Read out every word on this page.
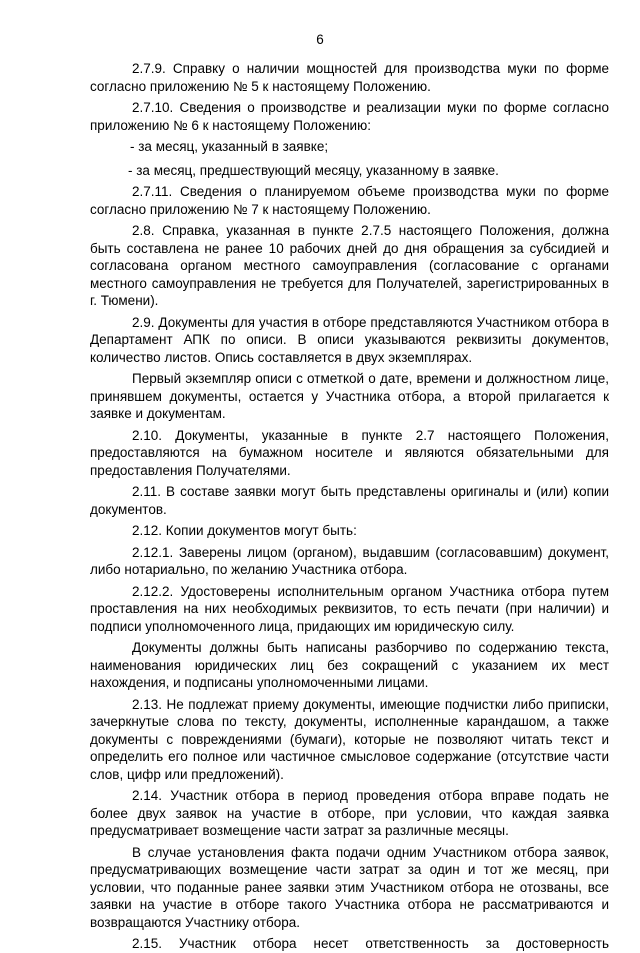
6

2.7.9. Справку о наличии мощностей для производства муки по форме согласно приложению № 5 к настоящему Положению.

2.7.10. Сведения о производстве и реализации муки по форме согласно приложению № 6 к настоящему Положению:

- за месяц, указанный в заявке;

- за месяц, предшествующий месяцу, указанному в заявке.

2.7.11. Сведения о планируемом объеме производства муки по форме согласно приложению № 7 к настоящему Положению.

2.8. Справка, указанная в пункте 2.7.5 настоящего Положения, должна быть составлена не ранее 10 рабочих дней до дня обращения за субсидией и согласована органом местного самоуправления (согласование с органами местного самоуправления не требуется для Получателей, зарегистрированных в г. Тюмени).

2.9. Документы для участия в отборе представляются Участником отбора в Департамент АПК по описи. В описи указываются реквизиты документов, количество листов. Опись составляется в двух экземплярах.

Первый экземпляр описи с отметкой о дате, времени и должностном лице, принявшем документы, остается у Участника отбора, а второй прилагается к заявке и документам.

2.10. Документы, указанные в пункте 2.7 настоящего Положения, предоставляются на бумажном носителе и являются обязательными для предоставления Получателями.

2.11. В составе заявки могут быть представлены оригиналы и (или) копии документов.

2.12. Копии документов могут быть:

2.12.1. Заверены лицом (органом), выдавшим (согласовавшим) документ, либо нотариально, по желанию Участника отбора.

2.12.2. Удостоверены исполнительным органом Участника отбора путем проставления на них необходимых реквизитов, то есть печати (при наличии) и подписи уполномоченного лица, придающих им юридическую силу.

Документы должны быть написаны разборчиво по содержанию текста, наименования юридических лиц без сокращений с указанием их мест нахождения, и подписаны уполномоченными лицами.

2.13. Не подлежат приему документы, имеющие подчистки либо приписки, зачеркнутые слова по тексту, документы, исполненные карандашом, а также документы с повреждениями (бумаги), которые не позволяют читать текст и определить его полное или частичное смысловое содержание (отсутствие части слов, цифр или предложений).

2.14. Участник отбора в период проведения отбора вправе подать не более двух заявок на участие в отборе, при условии, что каждая заявка предусматривает возмещение части затрат за различные месяцы.

В случае установления факта подачи одним Участником отбора заявок, предусматривающих возмещение части затрат за один и тот же месяц, при условии, что поданные ранее заявки этим Участником отбора не отозваны, все заявки на участие в отборе такого Участника отбора не рассматриваются и возвращаются Участнику отбора.

2.15. Участник отбора несет ответственность за достоверность
